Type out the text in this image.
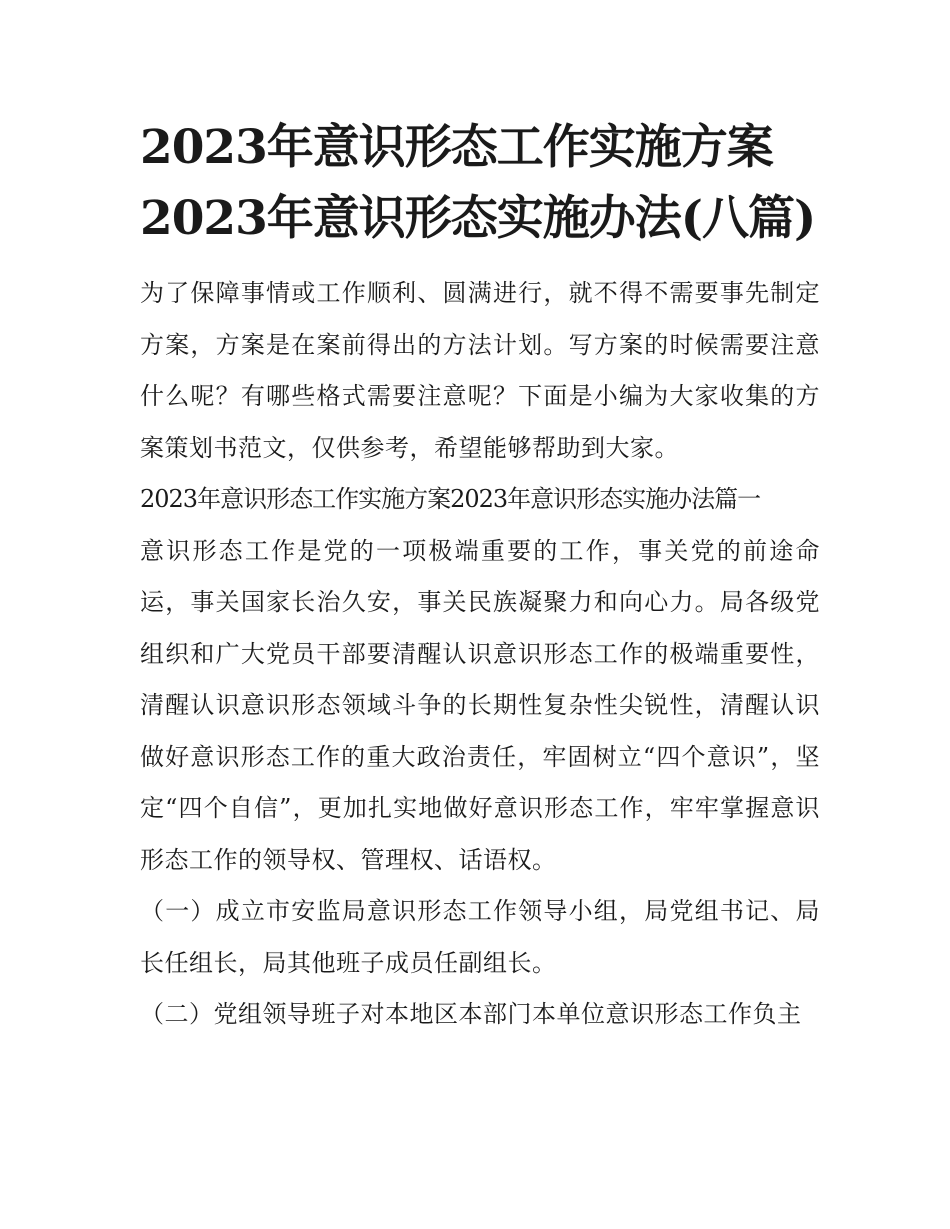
2023年意识形态工作实施方案
2023年意识形态实施办法(八篇)

为了保障事情或工作顺利、圆满进行，就不得不需要事先制定方案，方案是在案前得出的方法计划。写方案的时候需要注意什么呢？有哪些格式需要注意呢？下面是小编为大家收集的方案策划书范文，仅供参考，希望能够帮助到大家。

2023年意识形态工作实施方案2023年意识形态实施办法篇一

意识形态工作是党的一项极端重要的工作，事关党的前途命运，事关国家长治久安，事关民族凝聚力和向心力。局各级党组织和广大党员干部要清醒认识意识形态工作的极端重要性，清醒认识意识形态领域斗争的长期性复杂性尖锐性，清醒认识做好意识形态工作的重大政治责任，牢固树立“四个意识”，坚定“四个自信”，更加扎实地做好意识形态工作，牢牢掌握意识形态工作的领导权、管理权、话语权。

（一）成立市安监局意识形态工作领导小组，局党组书记、局长任组长，局其他班子成员任副组长。

（二）党组领导班子对本地区本部门本单位意识形态工作负主
